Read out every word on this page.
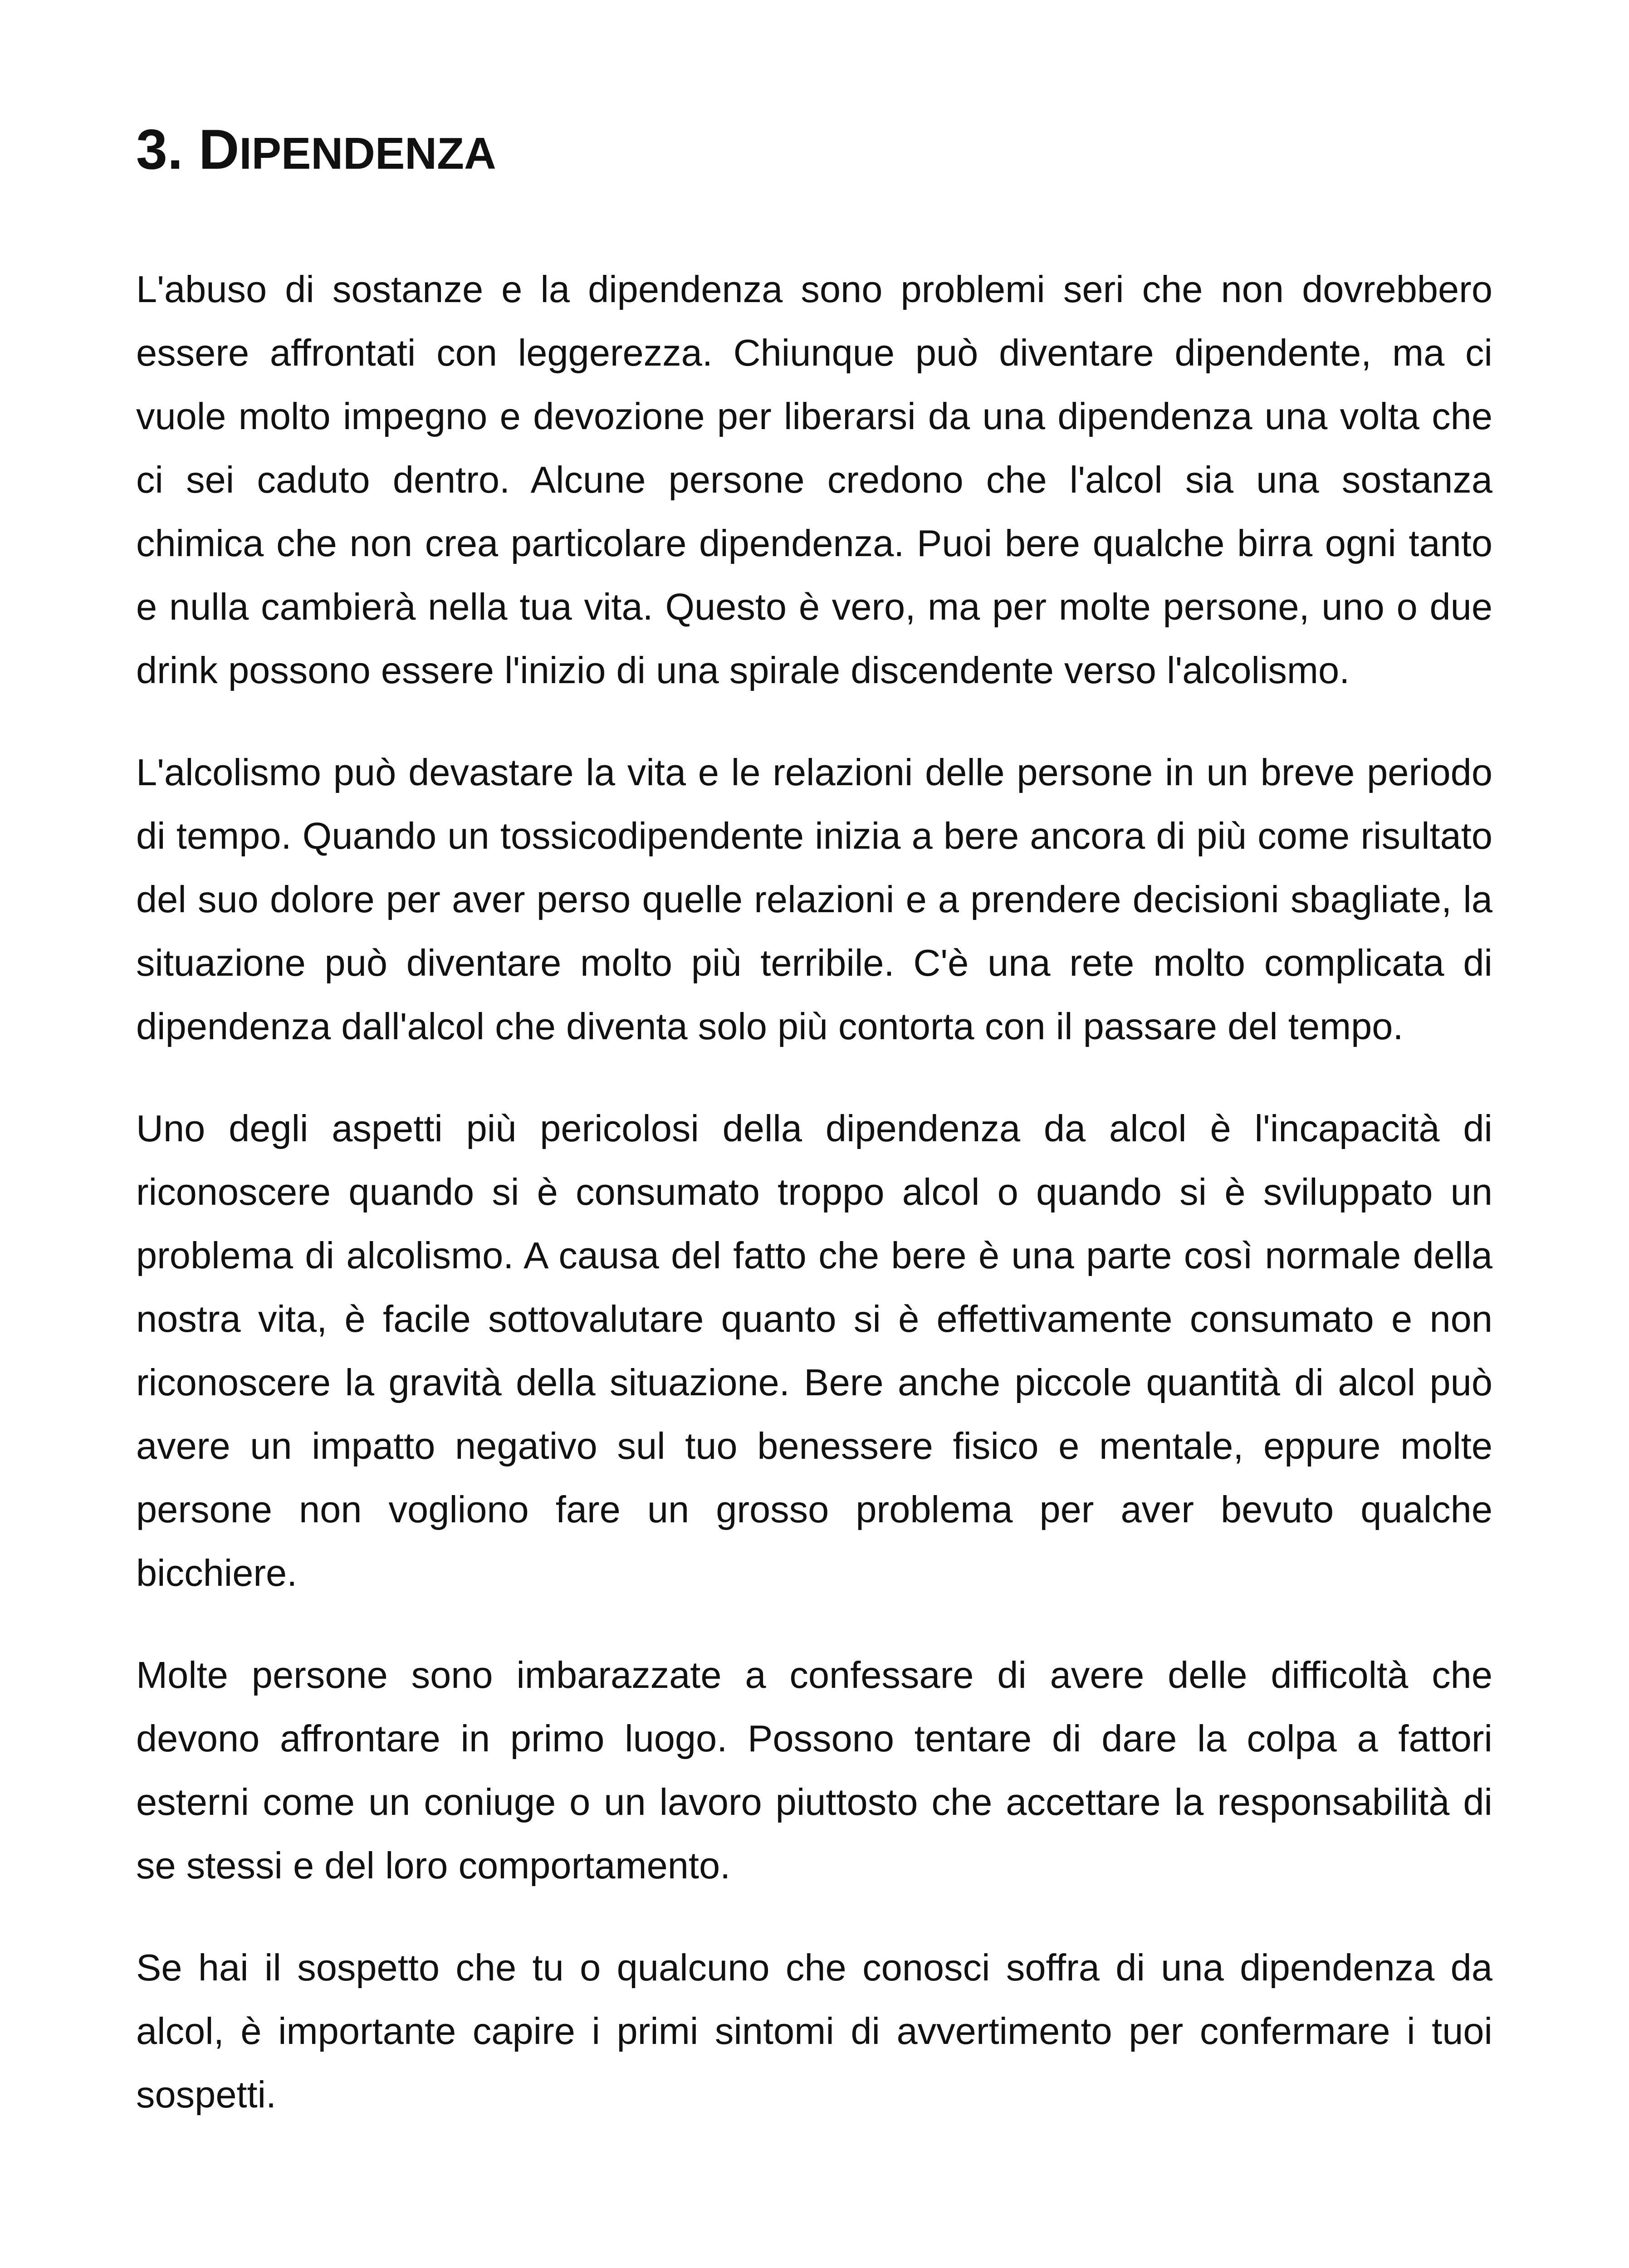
3. DIPENDENZA

L'abuso di sostanze e la dipendenza sono problemi seri che non dovrebbero essere affrontati con leggerezza. Chiunque può diventare dipendente, ma ci vuole molto impegno e devozione per liberarsi da una dipendenza una volta che ci sei caduto dentro. Alcune persone credono che l'alcol sia una sostanza chimica che non crea particolare dipendenza. Puoi bere qualche birra ogni tanto e nulla cambierà nella tua vita. Questo è vero, ma per molte persone, uno o due drink possono essere l'inizio di una spirale discendente verso l'alcolismo.

L'alcolismo può devastare la vita e le relazioni delle persone in un breve periodo di tempo. Quando un tossicodipendente inizia a bere ancora di più come risultato del suo dolore per aver perso quelle relazioni e a prendere decisioni sbagliate, la situazione può diventare molto più terribile. C'è una rete molto complicata di dipendenza dall'alcol che diventa solo più contorta con il passare del tempo.

Uno degli aspetti più pericolosi della dipendenza da alcol è l'incapacità di riconoscere quando si è consumato troppo alcol o quando si è sviluppato un problema di alcolismo. A causa del fatto che bere è una parte così normale della nostra vita, è facile sottovalutare quanto si è effettivamente consumato e non riconoscere la gravità della situazione. Bere anche piccole quantità di alcol può avere un impatto negativo sul tuo benessere fisico e mentale, eppure molte persone non vogliono fare un grosso problema per aver bevuto qualche bicchiere.

Molte persone sono imbarazzate a confessare di avere delle difficoltà che devono affrontare in primo luogo. Possono tentare di dare la colpa a fattori esterni come un coniuge o un lavoro piuttosto che accettare la responsabilità di se stessi e del loro comportamento.

Se hai il sospetto che tu o qualcuno che conosci soffra di una dipendenza da alcol, è importante capire i primi sintomi di avvertimento per confermare i tuoi sospetti.
